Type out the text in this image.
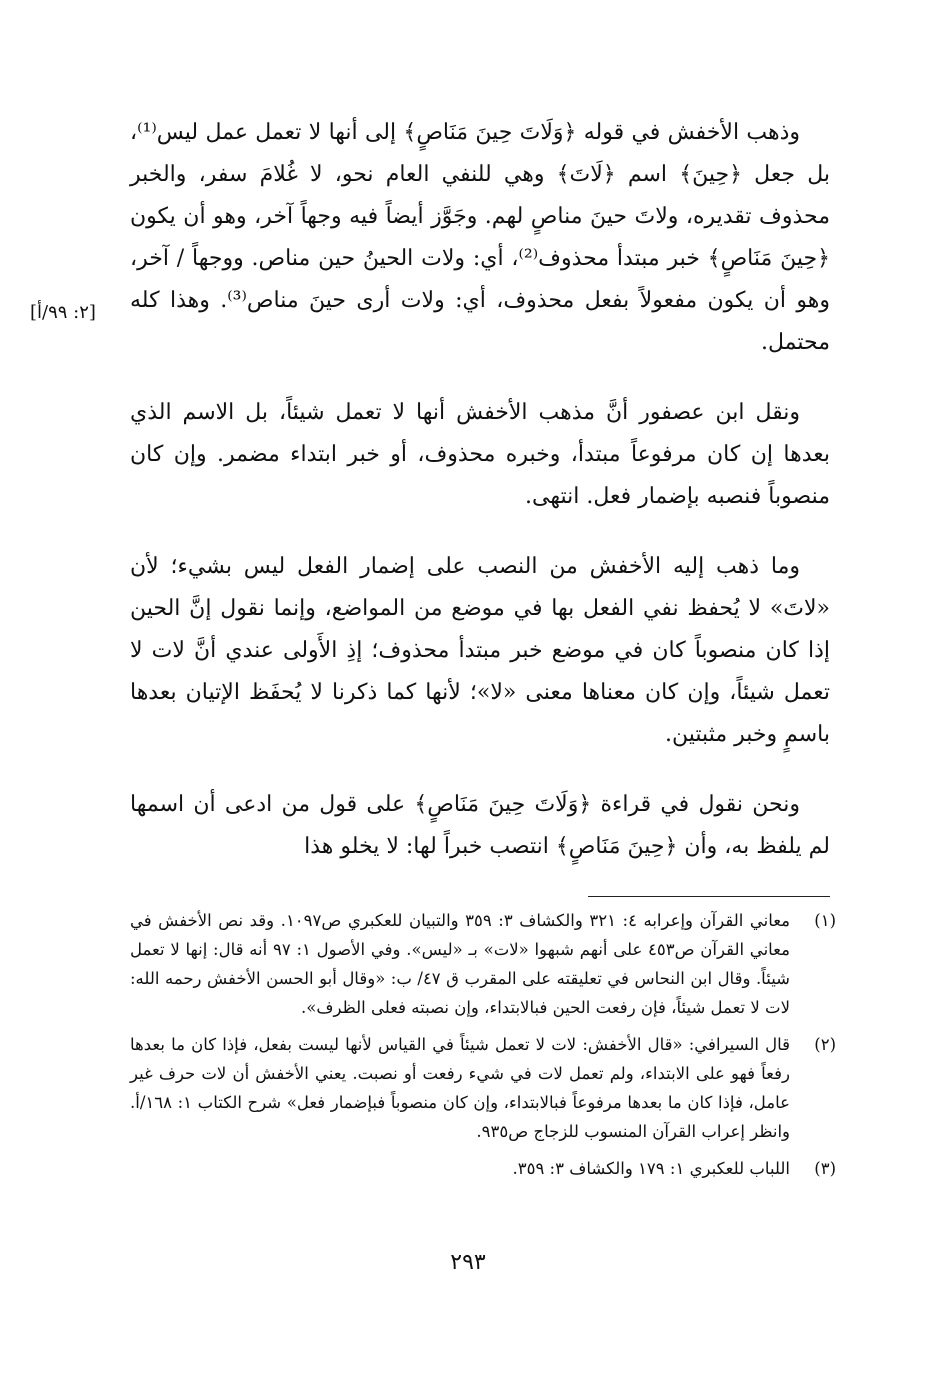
وذهب الأخفش في قوله ﴿وَلَاتَ حِينَ مَنَاصٍ﴾ إلى أنها لا تعمل عمل ليس⁽¹⁾، بل جعل ﴿حِينَ﴾ اسم ﴿لَاتَ﴾ وهي للنفي العام نحو، لا غُلامَ سفر، والخبر محذوف تقديره، ولاتَ حينَ مناصٍ لهم. وجَوَّز أيضاً فيه وجهاً آخر، وهو أن يكون ﴿حِينَ مَنَاصٍ﴾ خبر مبتدأ محذوف⁽²⁾، أي: ولات الحينُ حين مناص. ووجهاً / آخر، وهو أن يكون مفعولاً بفعل محذوف، أي: ولات أرى حينَ مناص⁽³⁾. وهذا كله محتمل.

ونقل ابن عصفور أنَّ مذهب الأخفش أنها لا تعمل شيئاً، بل الاسم الذي بعدها إن كان مرفوعاً مبتدأ، وخبره محذوف، أو خبر ابتداء مضمر. وإن كان منصوباً فنصبه بإضمار فعل. انتهى.

وما ذهب إليه الأخفش من النصب على إضمار الفعل ليس بشيء؛ لأن «لاتَ» لا يُحفظ نفي الفعل بها في موضع من المواضع، وإنما نقول إنَّ الحين إذا كان منصوباً كان في موضع خبر مبتدأ محذوف؛ إذِ الأَولى عندي أنَّ لات لا تعمل شيئاً، وإن كان معناها معنى «لا»؛ لأنها كما ذكرنا لا يُحفَظ الإتيان بعدها باسمٍ وخبر مثبتين.

ونحن نقول في قراءة ﴿وَلَاتَ حِينَ مَنَاصٍ﴾ على قول من ادعى أن اسمها لم يلفظ به، وأن ﴿حِينَ مَنَاصٍ﴾ انتصب خبراً لها: لا يخلو هذا

[٢: ٩٩/أ]
(١)
معاني القرآن وإعرابه ٤: ٣٢١ والكشاف ٣: ٣٥٩ والتبيان للعكبري ص١٠٩٧. وقد نص الأخفش في معاني القرآن ص٤٥٣ على أنهم شبهوا «لات» بـ «ليس». وفي الأصول ١: ٩٧ أنه قال: إنها لا تعمل شيئاً. وقال ابن النحاس في تعليقته على المقرب ق ٤٧/ ب: «وقال أبو الحسن الأخفش رحمه الله: لات لا تعمل شيئاً، فإن رفعت الحين فبالابتداء، وإن نصبته فعلى الظرف».
(٢)
قال السيرافي: «قال الأخفش: لات لا تعمل شيئاً في القياس لأنها ليست بفعل، فإذا كان ما بعدها رفعاً فهو على الابتداء، ولم تعمل لات في شيء رفعت أو نصبت. يعني الأخفش أن لات حرف غير عامل، فإذا كان ما بعدها مرفوعاً فبالابتداء، وإن كان منصوباً فبإضمار فعل» شرح الكتاب ١: ١٦٨/أ. وانظر إعراب القرآن المنسوب للزجاج ص٩٣٥.
(٣)
اللباب للعكبري ١: ١٧٩ والكشاف ٣: ٣٥٩.
٢٩٣
